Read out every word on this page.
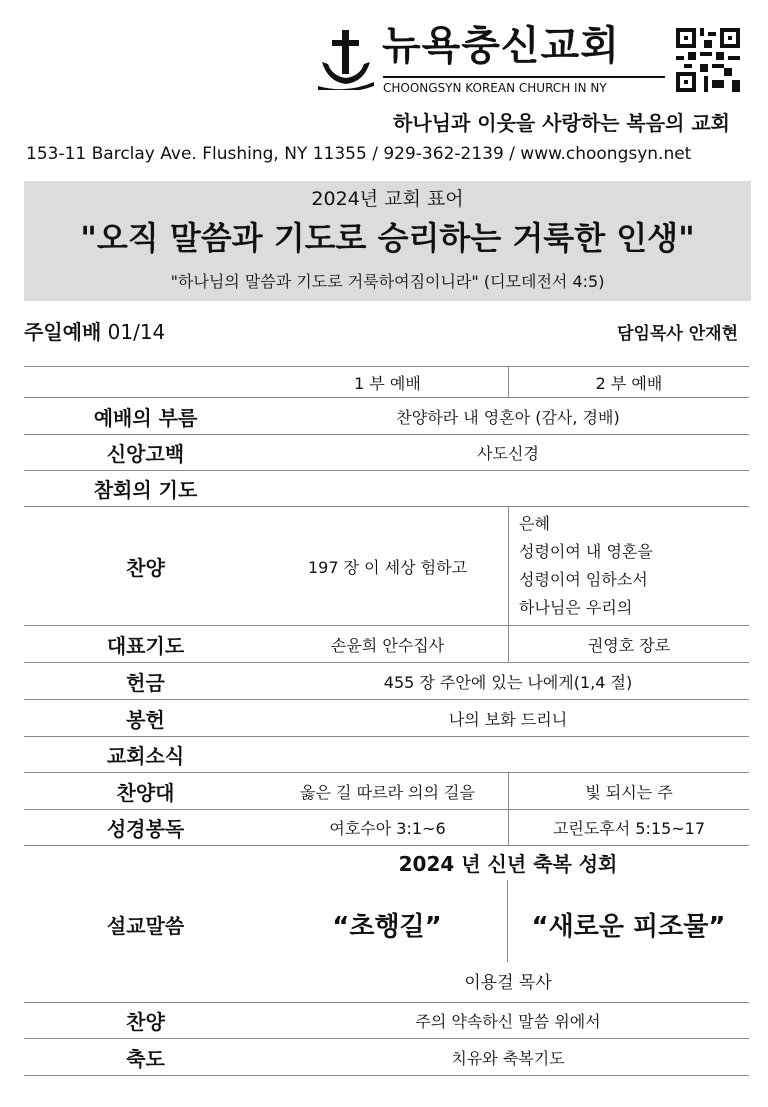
뉴욕충신교회
CHOONGSYN KOREAN CHURCH IN NY
하나님과 이웃을 사랑하는 복음의 교회
153-11 Barclay Ave. Flushing, NY 11355 / 929-362-2139 / www.choongsyn.net
2024년 교회 표어
"오직 말씀과 기도로 승리하는 거룩한 인생"
"하나님의 말씀과 기도로 거룩하여짐이니라" (디모데전서 4:5)
주일예배 01/14	담임목사 안재현
1 부 예배	2 부 예배
예배의 부름	찬양하라 내 영혼아 (감사, 경배)
신앙고백	사도신경
참회의 기도
찬양	197 장 이 세상 험하고
은혜
성령이여 내 영혼을
성령이여 임하소서
하나님은 우리의
대표기도	손윤희 안수집사	권영호 장로
헌금	455 장 주안에 있는 나에게(1,4 절)
봉헌	나의 보화 드리니
교회소식
찬양대	옳은 길 따르라 의의 길을	빛 되시는 주
성경봉독	여호수아 3:1~6	고린도후서 5:15~17
설교말씀
2024 년 신년 축복 성회
“초행길”	“새로운 피조물”
이용걸 목사
찬양	주의 약속하신 말씀 위에서
축도	치유와 축복기도
